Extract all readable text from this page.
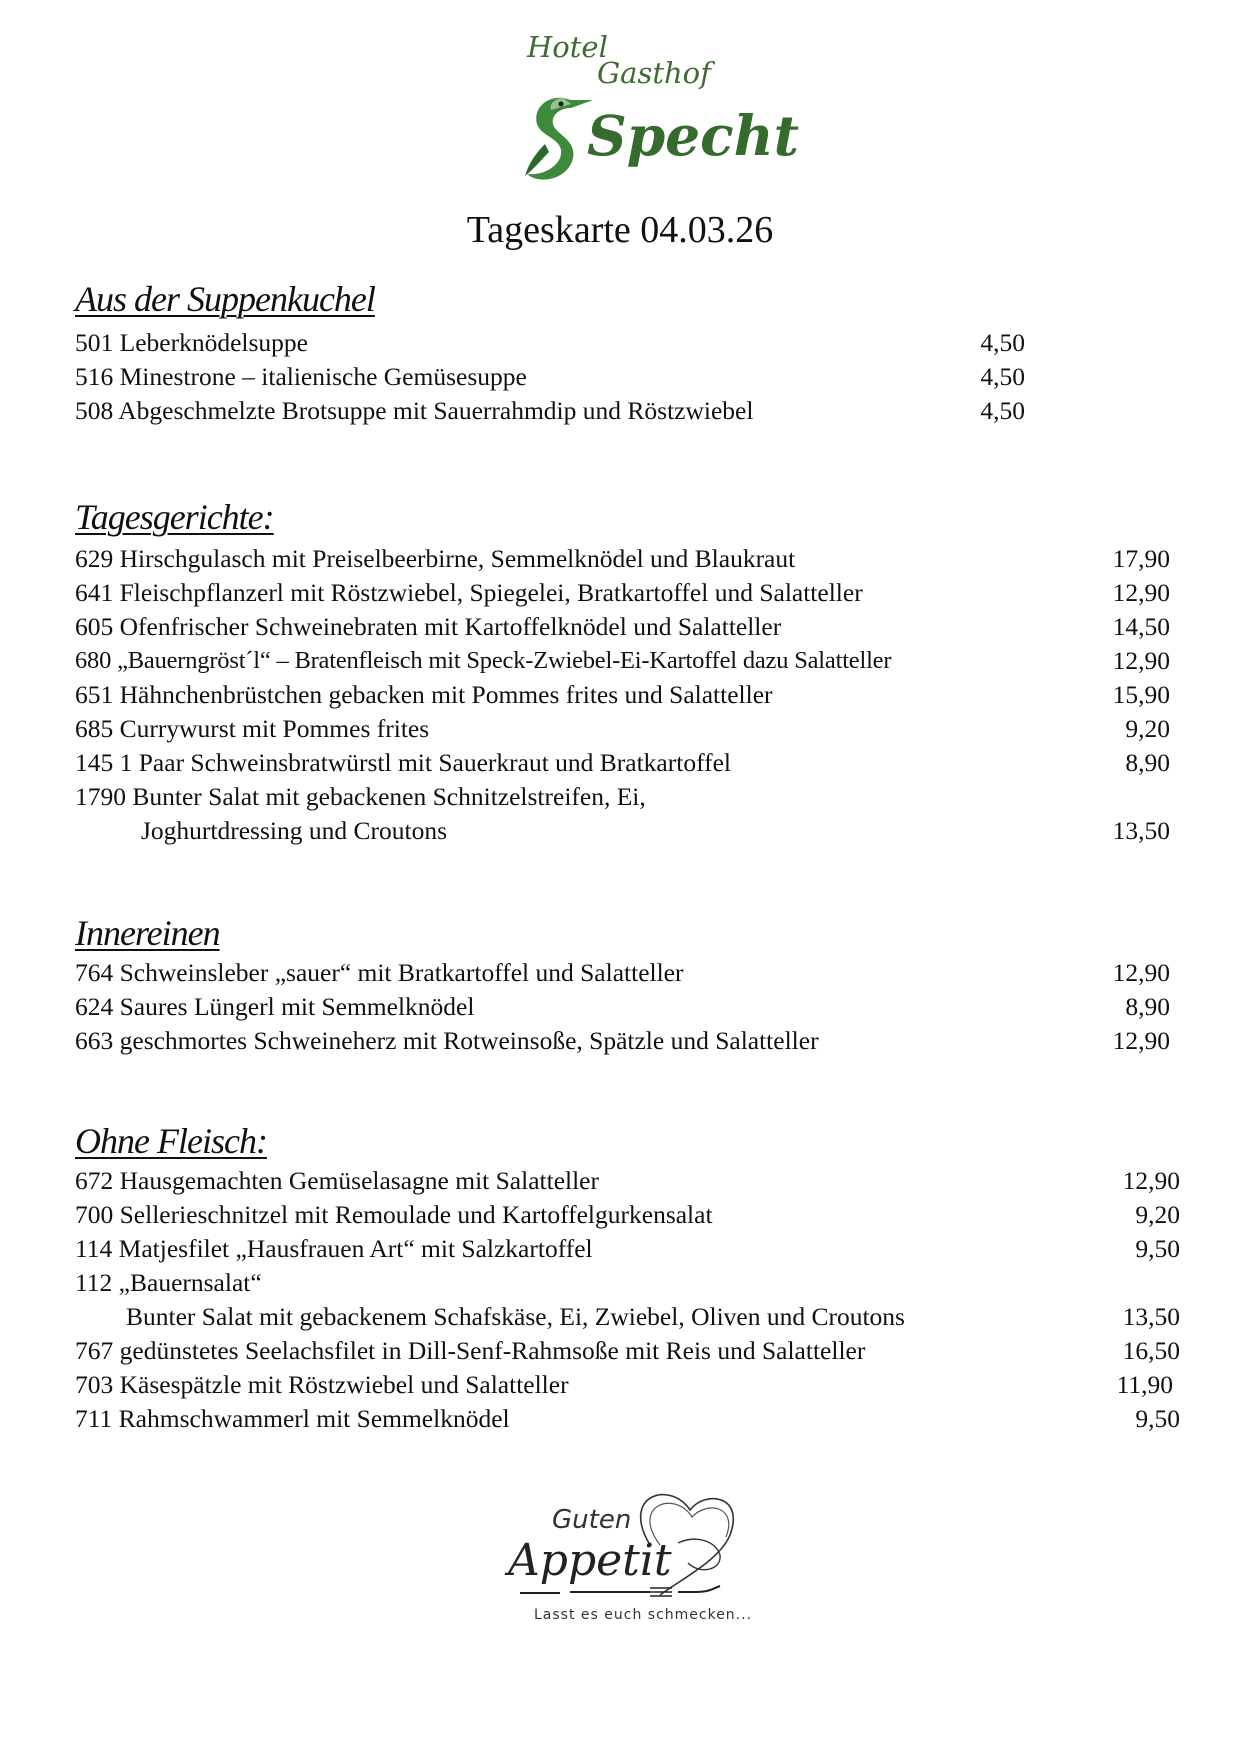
Hotel
Gasthof
Specht
Tageskarte 04.03.26
Aus der Suppenkuchel
501 Leberknödelsuppe	4,50
516 Minestrone – italienische Gemüsesuppe	4,50
508 Abgeschmelzte Brotsuppe mit Sauerrahmdip und Röstzwiebel	4,50
Tagesgerichte:
629 Hirschgulasch mit Preiselbeerbirne, Semmelknödel und Blaukraut	17,90
641 Fleischpflanzerl mit Röstzwiebel, Spiegelei, Bratkartoffel und Salatteller	12,90
605 Ofenfrischer Schweinebraten mit Kartoffelknödel und Salatteller	14,50
680 „Bauerngröst´l“ – Bratenfleisch mit Speck-Zwiebel-Ei-Kartoffel dazu Salatteller	12,90
651 Hähnchenbrüstchen gebacken mit Pommes frites und Salatteller	15,90
685 Currywurst mit Pommes frites	9,20
145 1 Paar Schweinsbratwürstl mit Sauerkraut und Bratkartoffel	8,90
1790 Bunter Salat mit gebackenen Schnitzelstreifen, Ei,
Joghurtdressing und Croutons	13,50
Innereinen
764 Schweinsleber „sauer“ mit Bratkartoffel und Salatteller	12,90
624 Saures Lüngerl mit Semmelknödel	8,90
663 geschmortes Schweineherz mit Rotweinsoße, Spätzle und Salatteller	12,90
Ohne Fleisch:
672 Hausgemachten Gemüselasagne mit Salatteller	12,90
700 Sellerieschnitzel mit Remoulade und Kartoffelgurkensalat	9,20
114 Matjesfilet „Hausfrauen Art“ mit Salzkartoffel	9,50
112 „Bauernsalat“
Bunter Salat mit gebackenem Schafskäse, Ei, Zwiebel, Oliven und Croutons	13,50
767 gedünstetes Seelachsfilet in Dill-Senf-Rahmsoße mit Reis und Salatteller	16,50
703 Käsespätzle mit Röstzwiebel und Salatteller	11,90
711 Rahmschwammerl mit Semmelknödel	9,50
Guten
Appetit
Lasst es euch schmecken...
